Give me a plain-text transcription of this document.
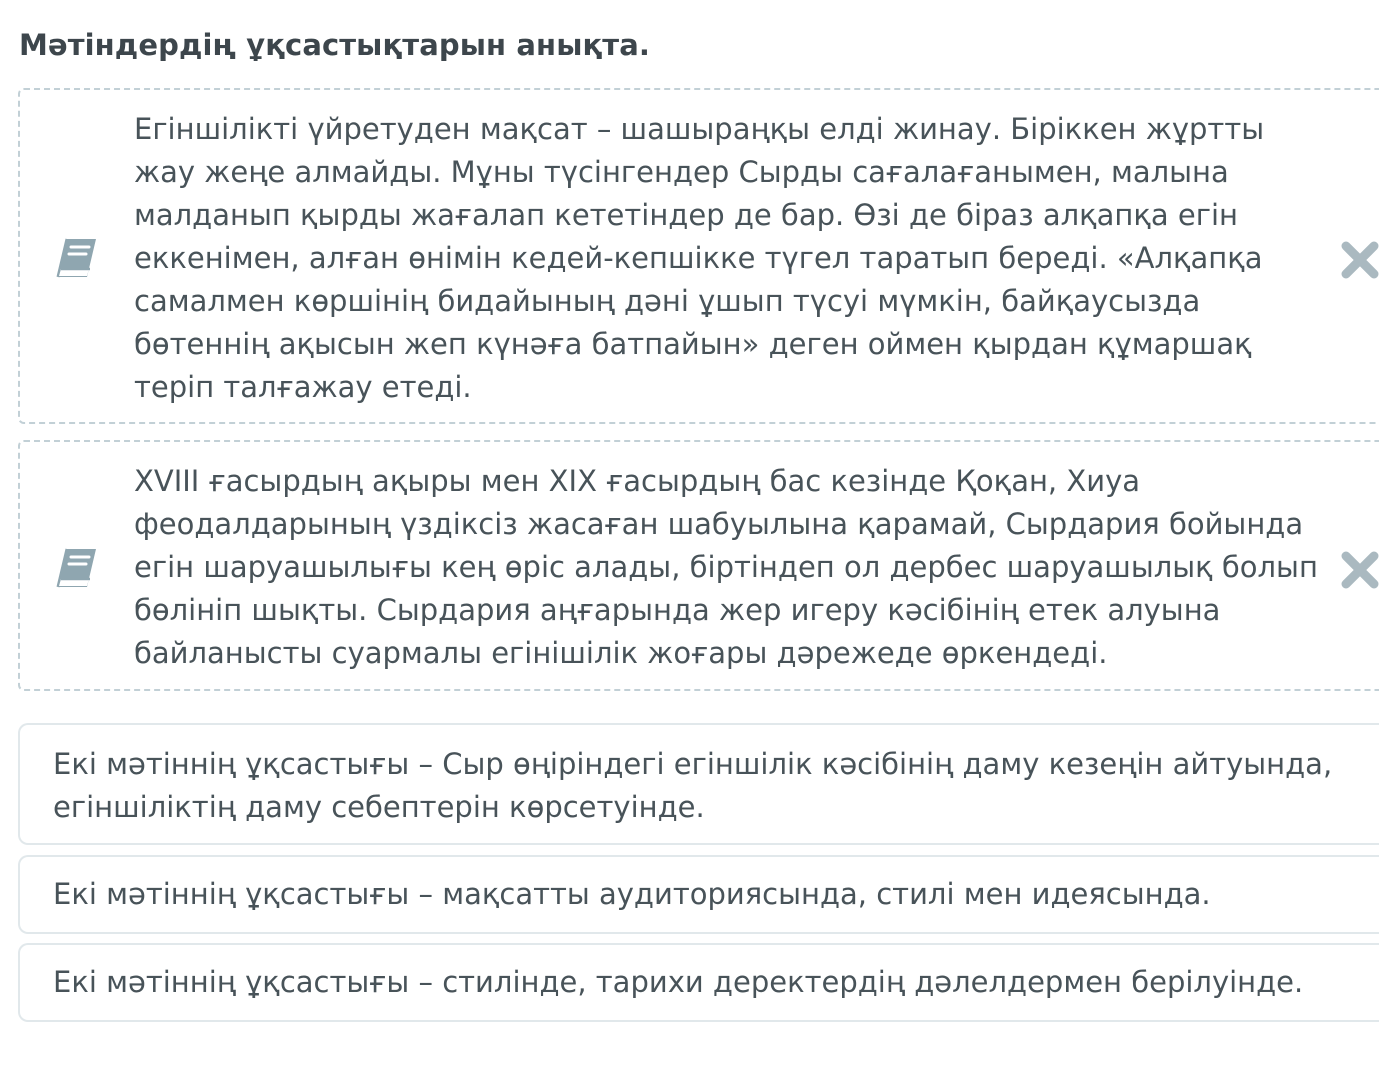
Мәтіндердің ұқсастықтарын анықта.

Егіншілікті үйретуден мақсат – шашыраңқы елді жинау. Біріккен жұртты жау жеңе алмайды. Мұны түсінгендер Сырды сағалағанымен, малына малданып қырды жағалап кететіндер де бар. Өзі де біраз алқапқа егін еккенімен, алған өнімін кедей-кепшікке түгел таратып береді. «Алқапқа самалмен көршінің бидайының дәні ұшып түсуі мүмкін, байқаусызда бөтеннің ақысын жеп күнәға батпайын» деген оймен қырдан құмаршақ теріп талғажау етеді.

XVIII ғасырдың ақыры мен XIX ғасырдың бас кезінде Қоқан, Хиуа феодалдарының үздіксіз жасаған шабуылына қарамай, Сырдария бойында егін шаруашылығы кең өріс алады, біртіндеп ол дербес шаруашылық болып бөлініп шықты. Сырдария аңғарында жер игеру кәсібінің етек алуына байланысты суармалы егінішілік жоғары дәрежеде өркендеді.

Екі мәтіннің ұқсастығы – Сыр өңіріндегі егіншілік кәсібінің даму кезеңін айтуында, егіншіліктің даму себептерін көрсетуінде.

Екі мәтіннің ұқсастығы – мақсатты аудиториясында, стилі мен идеясында.

Екі мәтіннің ұқсастығы – стилінде, тарихи деректердің дәлелдермен берілуінде.
